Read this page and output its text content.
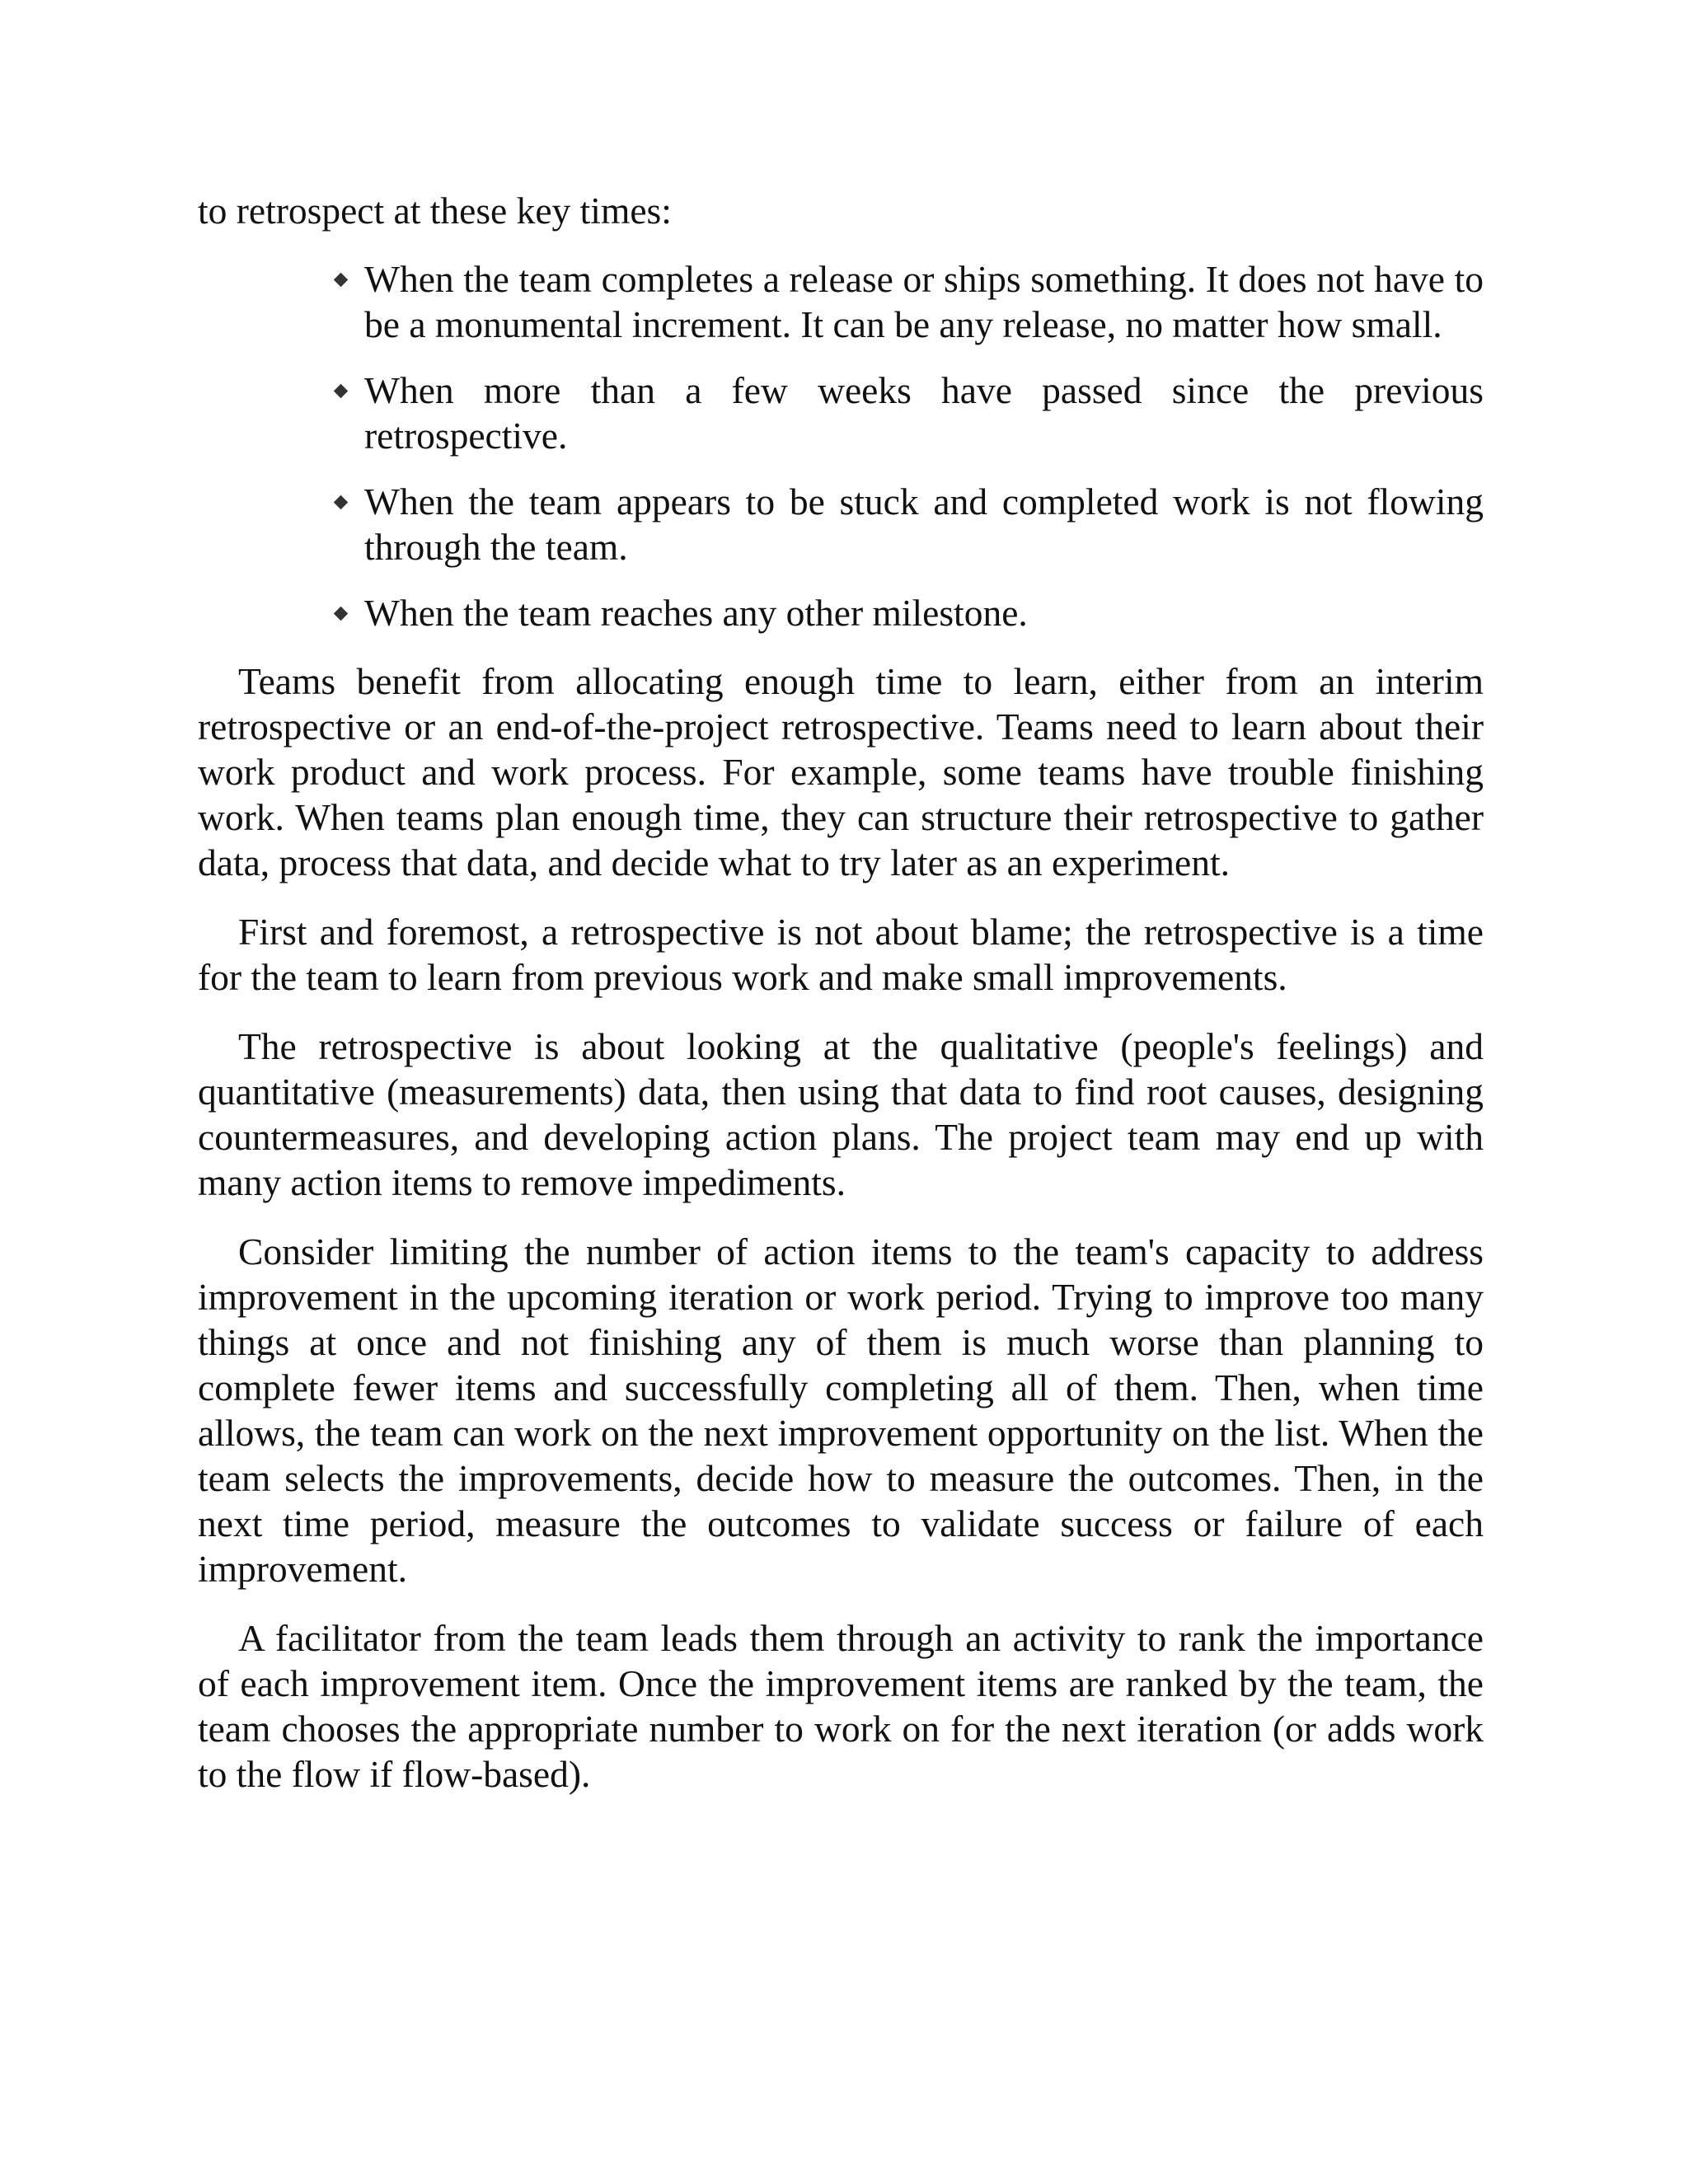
to retrospect at these key times:

When the team completes a release or ships something. It does not have to be a monumental increment. It can be any release, no matter how small.
When more than a few weeks have passed since the previous retrospective.
When the team appears to be stuck and completed work is not flowing through the team.
When the team reaches any other milestone.

Teams benefit from allocating enough time to learn, either from an interim retrospective or an end-of-the-project retrospective. Teams need to learn about their work product and work process. For example, some teams have trouble finishing work. When teams plan enough time, they can structure their retrospective to gather data, process that data, and decide what to try later as an experiment.

First and foremost, a retrospective is not about blame; the retrospective is a time for the team to learn from previous work and make small improvements.

The retrospective is about looking at the qualitative (people's feelings) and quantitative (measurements) data, then using that data to find root causes, designing countermeasures, and developing action plans. The project team may end up with many action items to remove impediments.

Consider limiting the number of action items to the team's capacity to address improvement in the upcoming iteration or work period. Trying to improve too many things at once and not finishing any of them is much worse than planning to complete fewer items and successfully completing all of them. Then, when time allows, the team can work on the next improvement opportunity on the list. When the team selects the improvements, decide how to measure the outcomes. Then, in the next time period, measure the outcomes to validate success or failure of each improvement.

A facilitator from the team leads them through an activity to rank the importance of each improvement item. Once the improvement items are ranked by the team, the team chooses the appropriate number to work on for the next iteration (or adds work to the flow if flow-based).
